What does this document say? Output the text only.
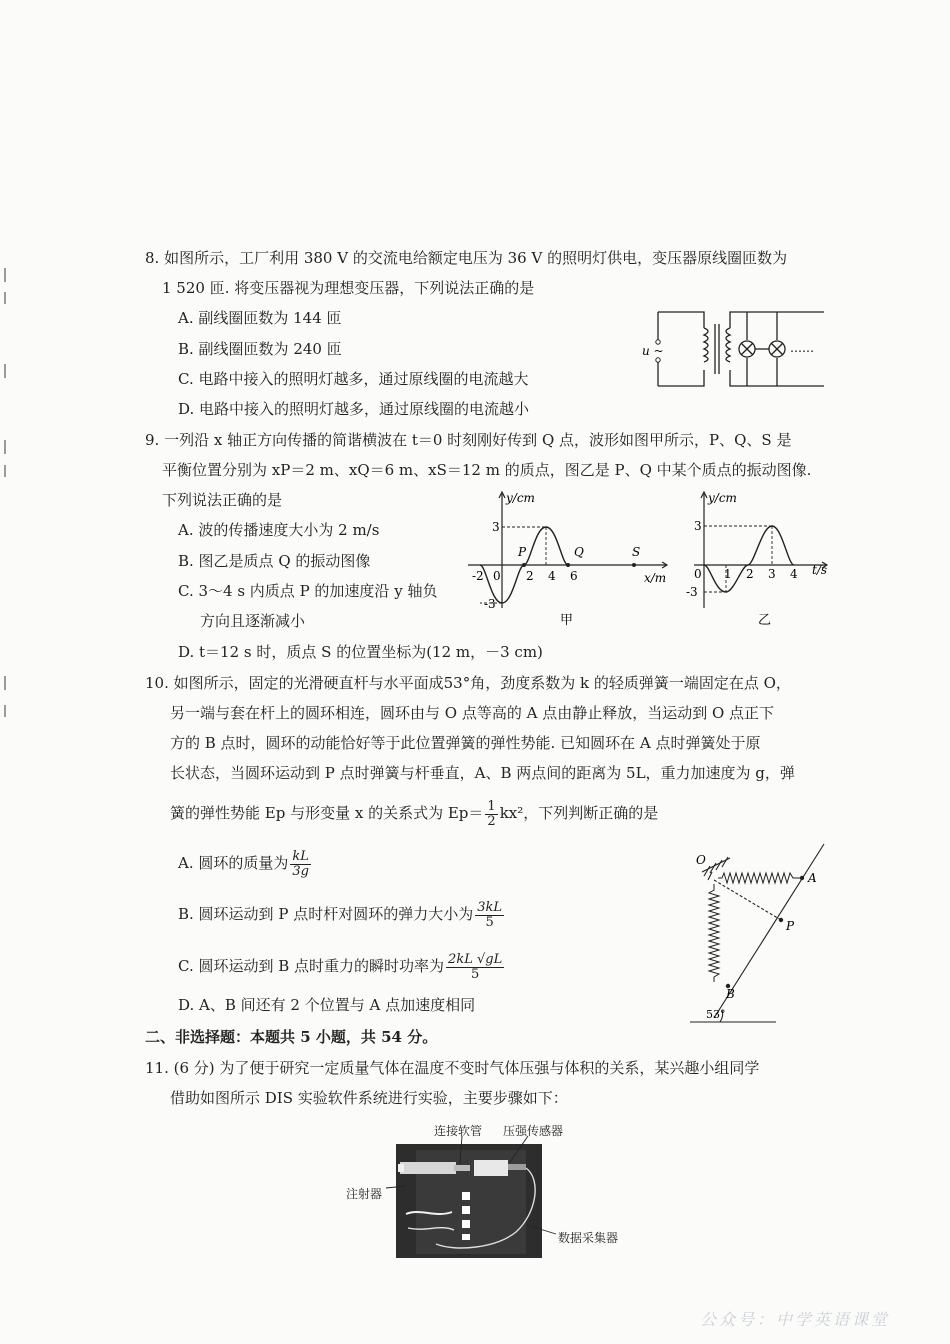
8. 如图所示，工厂利用 380 V 的交流电给额定电压为 36 V 的照明灯供电，变压器原线圈匝数为
1 520 匝. 将变压器视为理想变压器，下列说法正确的是
A. 副线圈匝数为 144 匝
B. 副线圈匝数为 240 匝
C. 电路中接入的照明灯越多，通过原线圈的电流越大
D. 电路中接入的照明灯越多，通过原线圈的电流越小
u ~	……
9. 一列沿 x 轴正方向传播的简谐横波在 t＝0 时刻刚好传到 Q 点，波形如图甲所示，P、Q、S 是
平衡位置分别为 xP＝2 m、xQ＝6 m、xS＝12 m 的质点，图乙是 P、Q 中某个质点的振动图像.
下列说法正确的是
A. 波的传播速度大小为 2 m/s
B. 图乙是质点 Q 的振动图像
C. 3～4 s 内质点 P 的加速度沿 y 轴负
方向且逐渐减小
D. t＝12 s 时，质点 S 的位置坐标为(12 m，－3 cm)
y/cm
x/m
3
-3
-2 0 2 4 6
P	Q	S
甲
y/cm
t/s
3
-3
0 1 2 3 4
乙
10. 如图所示，固定的光滑硬直杆与水平面成53°角，劲度系数为 k 的轻质弹簧一端固定在点 O，
另一端与套在杆上的圆环相连，圆环由与 O 点等高的 A 点由静止释放，当运动到 O 点正下
方的 B 点时，圆环的动能恰好等于此位置弹簧的弹性势能. 已知圆环在 A 点时弹簧处于原
长状态，当圆环运动到 P 点时弹簧与杆垂直，A、B 两点间的距离为 5L，重力加速度为 g，弹
簧的弹性势能 Ep 与形变量 x 的关系式为 $Ep= \frac{1}{2} kx^2$，下列判断正确的是
A. 圆环的质量为 $\frac{kL}{3g}$
B. 圆环运动到 P 点时杆对圆环的弹力大小为 $\frac{3kL}{5}$
C. 圆环运动到 B 点时重力的瞬时功率为 $\frac{2kL √gL}{5}$
D. A、B 间还有 2 个位置与 A 点加速度相同
O
A
P
B
53°
二、非选择题：本题共 5 小题，共 54 分。
11. (6 分) 为了便于研究一定质量气体在温度不变时气体压强与体积的关系，某兴趣小组同学
借助如图所示 DIS 实验软件系统进行实验，主要步骤如下：
连接软管 压强传感器
注射器
数据采集器
公众号：中学英语课堂
